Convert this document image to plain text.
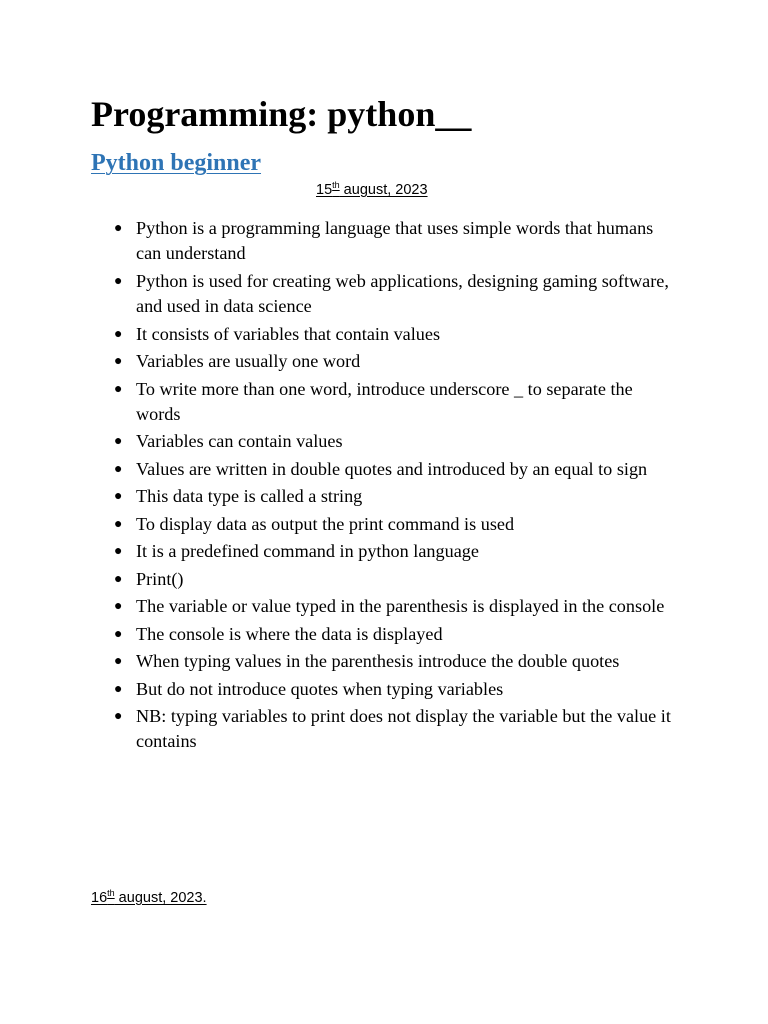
Programming: python__
Python beginner
15th august, 2023
● Python is a programming language that uses simple words that humans can understand
● Python is used for creating web applications, designing gaming software, and used in data science
● It consists of variables that contain values
● Variables are usually one word
● To write more than one word, introduce underscore _ to separate the words
● Variables can contain values
● Values are written in double quotes and introduced by an equal to sign
● This data type is called a string
● To display data as output the print command is used
● It is a predefined command in python language
● Print()
● The variable or value typed in the parenthesis is displayed in the console
● The console is where the data is displayed
● When typing values in the parenthesis introduce the double quotes
● But do not introduce quotes when typing variables
● NB: typing variables to print does not display the variable but the value it contains
16th august, 2023.
